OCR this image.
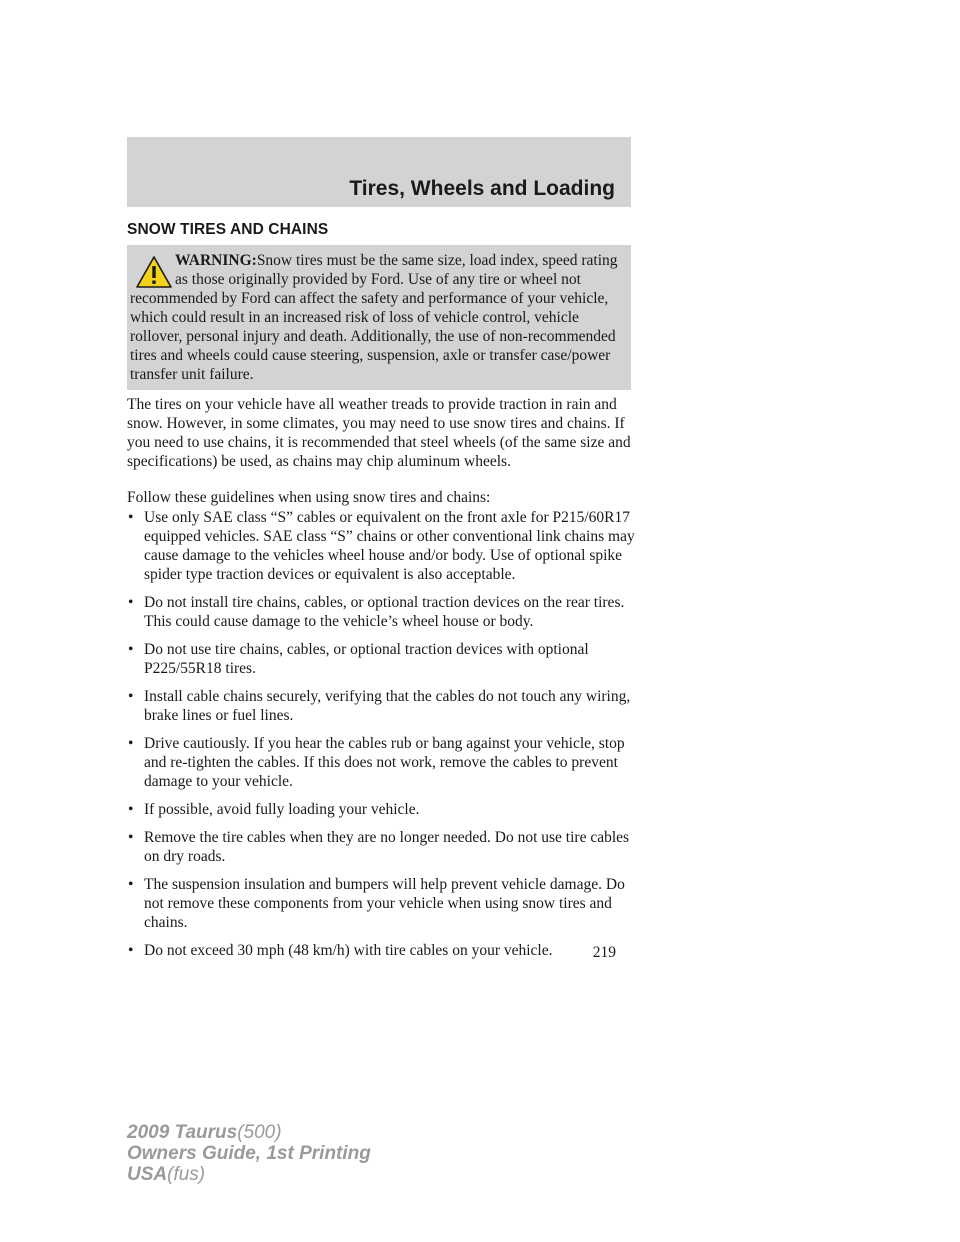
Tires, Wheels and Loading
SNOW TIRES AND CHAINS

WARNING:Snow tires must be the same size, load index, speed rating as those originally provided by Ford. Use of any tire or wheel not recommended by Ford can affect the safety and performance of your vehicle, which could result in an increased risk of loss of vehicle control, vehicle rollover, personal injury and death. Additionally, the use of non-recommended tires and wheels could cause steering, suspension, axle or transfer case/power transfer unit failure.

The tires on your vehicle have all weather treads to provide traction in rain and snow. However, in some climates, you may need to use snow tires and chains. If you need to use chains, it is recommended that steel wheels (of the same size and specifications) be used, as chains may chip aluminum wheels.

Follow these guidelines when using snow tires and chains:

• Use only SAE class “S” cables or equivalent on the front axle for P215/60R17 equipped vehicles. SAE class “S” chains or other conventional link chains may cause damage to the vehicles wheel house and/or body. Use of optional spike spider type traction devices or equivalent is also acceptable.
• Do not install tire chains, cables, or optional traction devices on the rear tires. This could cause damage to the vehicle’s wheel house or body.
• Do not use tire chains, cables, or optional traction devices with optional P225/55R18 tires.
• Install cable chains securely, verifying that the cables do not touch any wiring, brake lines or fuel lines.
• Drive cautiously. If you hear the cables rub or bang against your vehicle, stop and re-tighten the cables. If this does not work, remove the cables to prevent damage to your vehicle.
• If possible, avoid fully loading your vehicle.
• Remove the tire cables when they are no longer needed. Do not use tire cables on dry roads.
• The suspension insulation and bumpers will help prevent vehicle damage. Do not remove these components from your vehicle when using snow tires and chains.
• Do not exceed 30 mph (48 km/h) with tire cables on your vehicle.	219
2009 Taurus(500)
Owners Guide, 1st Printing
USA(fus)
